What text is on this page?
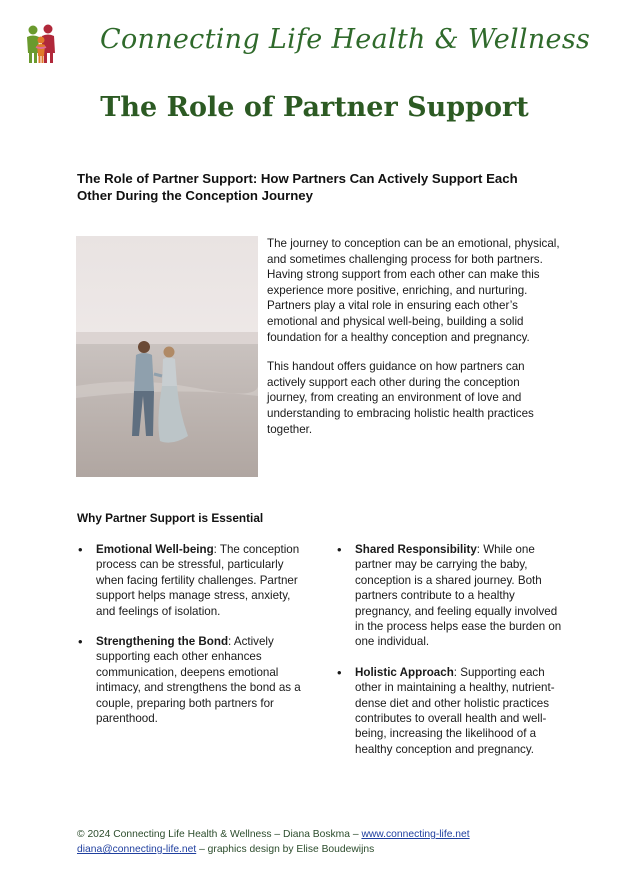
Connecting Life Health & Wellness
The Role of Partner Support
The Role of Partner Support: How Partners Can Actively Support Each Other During the Conception Journey

The journey to conception can be an emotional, physical, and sometimes challenging process for both partners. Having strong support from each other can make this experience more positive, enriching, and nurturing. Partners play a vital role in ensuring each other’s emotional and physical well-being, building a solid foundation for a healthy conception and pregnancy.

This handout offers guidance on how partners can actively support each other during the conception journey, from creating an environment of love and understanding to embracing holistic health practices together.

Why Partner Support is Essential
• Emotional Well-being: The conception process can be stressful, particularly when facing fertility challenges. Partner support helps manage stress, anxiety, and feelings of isolation.
• Strengthening the Bond: Actively supporting each other enhances communication, deepens emotional intimacy, and strengthens the bond as a couple, preparing both partners for parenthood.
• Shared Responsibility: While one partner may be carrying the baby, conception is a shared journey. Both partners contribute to a healthy pregnancy, and feeling equally involved in the process helps ease the burden on one individual.
• Holistic Approach: Supporting each other in maintaining a healthy, nutrient-dense diet and other holistic practices contributes to overall health and well-being, increasing the likelihood of a healthy conception and pregnancy.
© 2024 Connecting Life Health & Wellness – Diana Boskma – www.connecting-life.net
diana@connecting-life.net – graphics design by Elise Boudewijns
